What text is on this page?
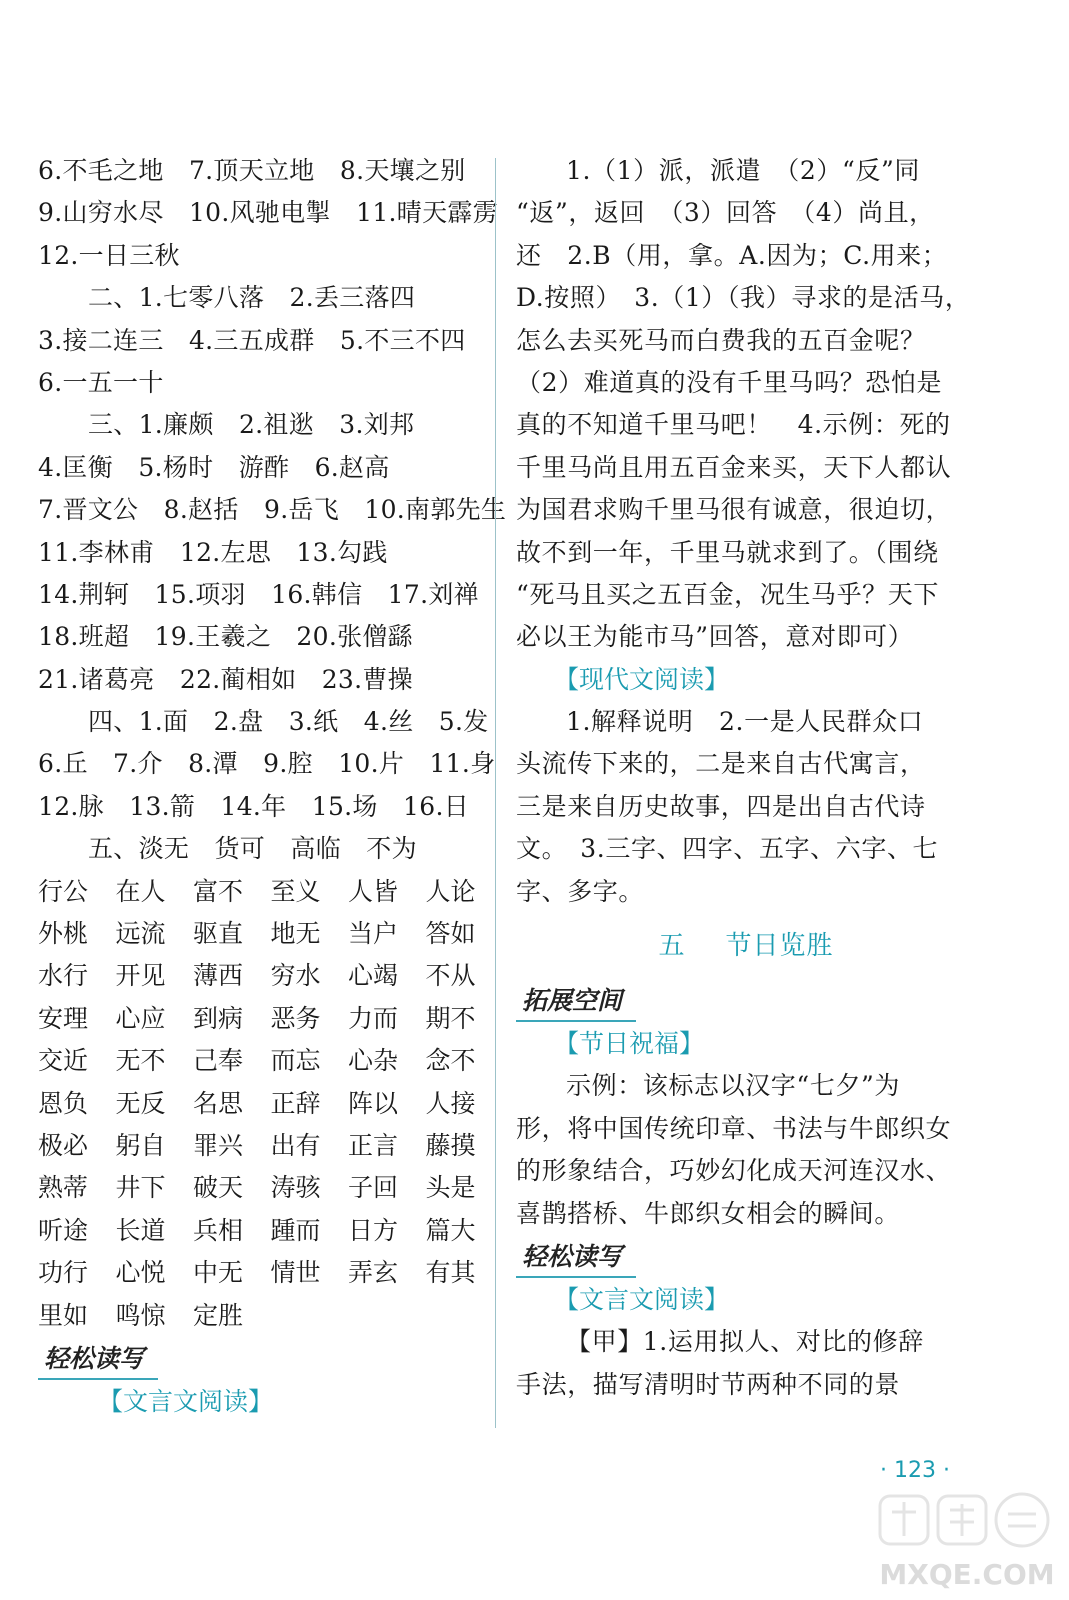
6.不毛之地　7.顶天立地　8.天壤之别
9.山穷水尽　10.风驰电掣　11.晴天霹雳
12.一日三秋
二、1.七零八落　2.丢三落四
3.接二连三　4.三五成群　5.不三不四
6.一五一十
三、1.廉颇　2.祖逖　3.刘邦
4.匡衡　5.杨时　游酢　6.赵高
7.晋文公　8.赵括　9.岳飞　10.南郭先生
11.李林甫　12.左思　13.勾践
14.荆轲　15.项羽　16.韩信　17.刘禅
18.班超　19.王羲之　20.张僧繇
21.诸葛亮　22.蔺相如　23.曹操
四、1.面　2.盘　3.纸　4.丝　5.发
6.丘　7.介　8.潭　9.腔　10.片　11.身
12.脉　13.箭　14.年　15.场　16.日
五、淡无　货可　高临　不为
行公	在人	富不	至义	人皆	人论
外桃	远流	驱直	地无	当户	答如
水行	开见	薄西	穷水	心竭	不从
安理	心应	到病	恶务	力而	期不
交近	无不	己奉	而忘	心杂	念不
恩负	无反	名思	正辞	阵以	人接
极必	躬自	罪兴	出有	正言	藤摸
熟蒂	井下	破天	涛骇	子回	头是
听途	长道	兵相	踵而	日方	篇大
功行	心悦	中无	情世	弄玄	有其
里如	鸣惊	定胜
轻松读写
【文言文阅读】
1.（1）派，派遣　（2）“反”同
“返”，返回　（3）回答　（4）尚且，
还　2.B（用，拿。A.因为；C.用来；
D.按照）　3.（1）（我）寻求的是活马，
怎么去买死马而白费我的五百金呢？
（2）难道真的没有千里马吗？恐怕是
真的不知道千里马吧！　4.示例：死的
千里马尚且用五百金来买，天下人都认
为国君求购千里马很有诚意，很迫切，
故不到一年，千里马就求到了。（围绕
“死马且买之五百金，况生马乎？天下
必以王为能市马”回答，意对即可）
【现代文阅读】
1.解释说明　2.一是人民群众口
头流传下来的，二是来自古代寓言，
三是来自历史故事，四是出自古代诗
文。　3.三字、四字、五字、六字、七
字、多字。
五 节日览胜
拓展空间
【节日祝福】
示例：该标志以汉字“七夕”为
形，将中国传统印章、书法与牛郎织女
的形象结合，巧妙幻化成天河连汉水、
喜鹊搭桥、牛郎织女相会的瞬间。
轻松读写
【文言文阅读】
【甲】1.运用拟人、对比的修辞
手法，描写清明时节两种不同的景
· 123 ·
MXQE.COM
